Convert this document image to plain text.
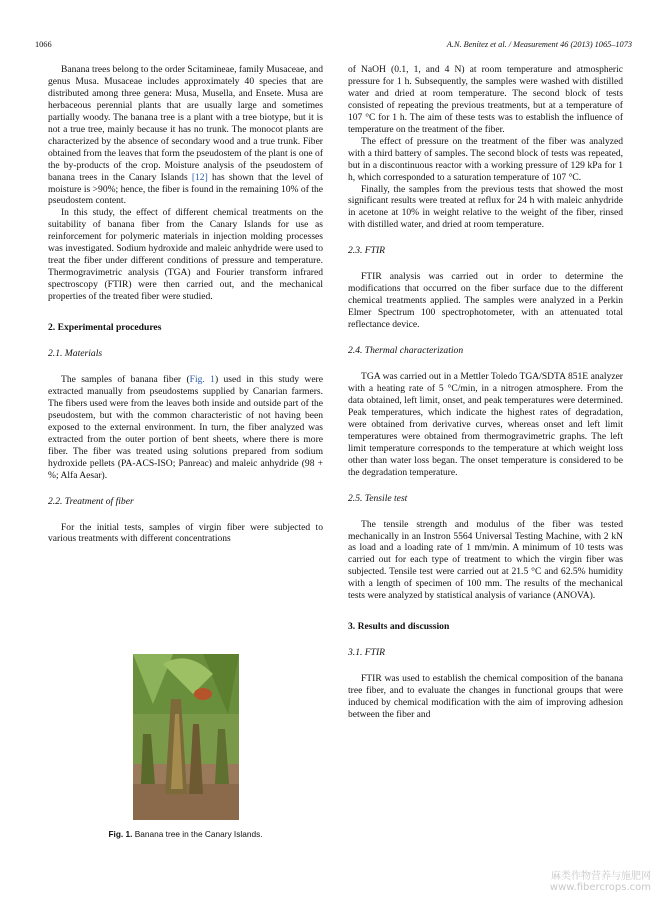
1066	A.N. Benítez et al. / Measurement 46 (2013) 1065–1073

Banana trees belong to the order Scitamineae, family Musaceae, and genus Musa. Musaceae includes approximately 40 species that are distributed among three genera: Musa, Musella, and Ensete. Musa are herbaceous perennial plants that are usually large and sometimes partially woody. The banana tree is a plant with a tree biotype, but it is not a true tree, mainly because it has no trunk. The monocot plants are characterized by the absence of secondary wood and a true trunk. Fiber obtained from the leaves that form the pseudostem of the plant is one of the by-products of the crop. Moisture analysis of the pseudostem of banana trees in the Canary Islands [12] has shown that the level of moisture is >90%; hence, the fiber is found in the remaining 10% of the pseudostem content.

In this study, the effect of different chemical treatments on the suitability of banana fiber from the Canary Islands for use as reinforcement for polymeric materials in injection molding processes was investigated. Sodium hydroxide and maleic anhydride were used to treat the fiber under different conditions of pressure and temperature. Thermogravimetric analysis (TGA) and Fourier transform infrared spectroscopy (FTIR) were then carried out, and the mechanical properties of the treated fiber were studied.

2. Experimental procedures
2.1. Materials

The samples of banana fiber (Fig. 1) used in this study were extracted manually from pseudostems supplied by Canarian farmers. The fibers used were from the leaves both inside and outside part of the pseudostem, but with the common characteristic of not having been exposed to the external environment. In turn, the fiber analyzed was extracted from the outer portion of bent sheets, where there is more fiber. The fiber was treated using solutions prepared from sodium hydroxide pellets (PA-ACS-ISO; Panreac) and maleic anhydride (98 + %; Alfa Aesar).

2.2. Treatment of fiber

For the initial tests, samples of virgin fiber were subjected to various treatments with different concentrations

Fig. 1. Banana tree in the Canary Islands.

of NaOH (0.1, 1, and 4 N) at room temperature and atmospheric pressure for 1 h. Subsequently, the samples were washed with distilled water and dried at room temperature. The second block of tests consisted of repeating the previous treatments, but at a temperature of 107 °C for 1 h. The aim of these tests was to establish the influence of temperature on the treatment of the fiber.

The effect of pressure on the treatment of the fiber was analyzed with a third battery of samples. The second block of tests was repeated, but in a discontinuous reactor with a working pressure of 129 kPa for 1 h, which corresponded to a saturation temperature of 107 °C.

Finally, the samples from the previous tests that showed the most significant results were treated at reflux for 24 h with maleic anhydride in acetone at 10% in weight relative to the weight of the fiber, rinsed with distilled water, and dried at room temperature.

2.3. FTIR

FTIR analysis was carried out in order to determine the modifications that occurred on the fiber surface due to the different chemical treatments applied. The samples were analyzed in a Perkin Elmer Spectrum 100 spectrophotometer, with an attenuated total reflectance device.

2.4. Thermal characterization

TGA was carried out in a Mettler Toledo TGA/SDTA 851E analyzer with a heating rate of 5 °C/min, in a nitrogen atmosphere. From the data obtained, left limit, onset, and peak temperatures were determined. Peak temperatures, which indicate the highest rates of degradation, were obtained from derivative curves, whereas onset and left limit temperatures were obtained from thermogravimetric graphs. The left limit temperature corresponds to the temperature at which weight loss other than water loss began. The onset temperature is considered to be the degradation temperature.

2.5. Tensile test

The tensile strength and modulus of the fiber was tested mechanically in an Instron 5564 Universal Testing Machine, with 2 kN as load and a loading rate of 1 mm/min. A minimum of 10 tests was carried out for each type of treatment to which the virgin fiber was subjected. Tensile test were carried out at 21.5 °C and 62.5% humidity with a length of specimen of 100 mm. The results of the mechanical tests were analyzed by statistical analysis of variance (ANOVA).

3. Results and discussion
3.1. FTIR

FTIR was used to establish the chemical composition of the banana tree fiber, and to evaluate the changes in functional groups that were induced by chemical modification with the aim of improving adhesion between the fiber and

麻类作物营养与施肥网
www.fibercrops.com
